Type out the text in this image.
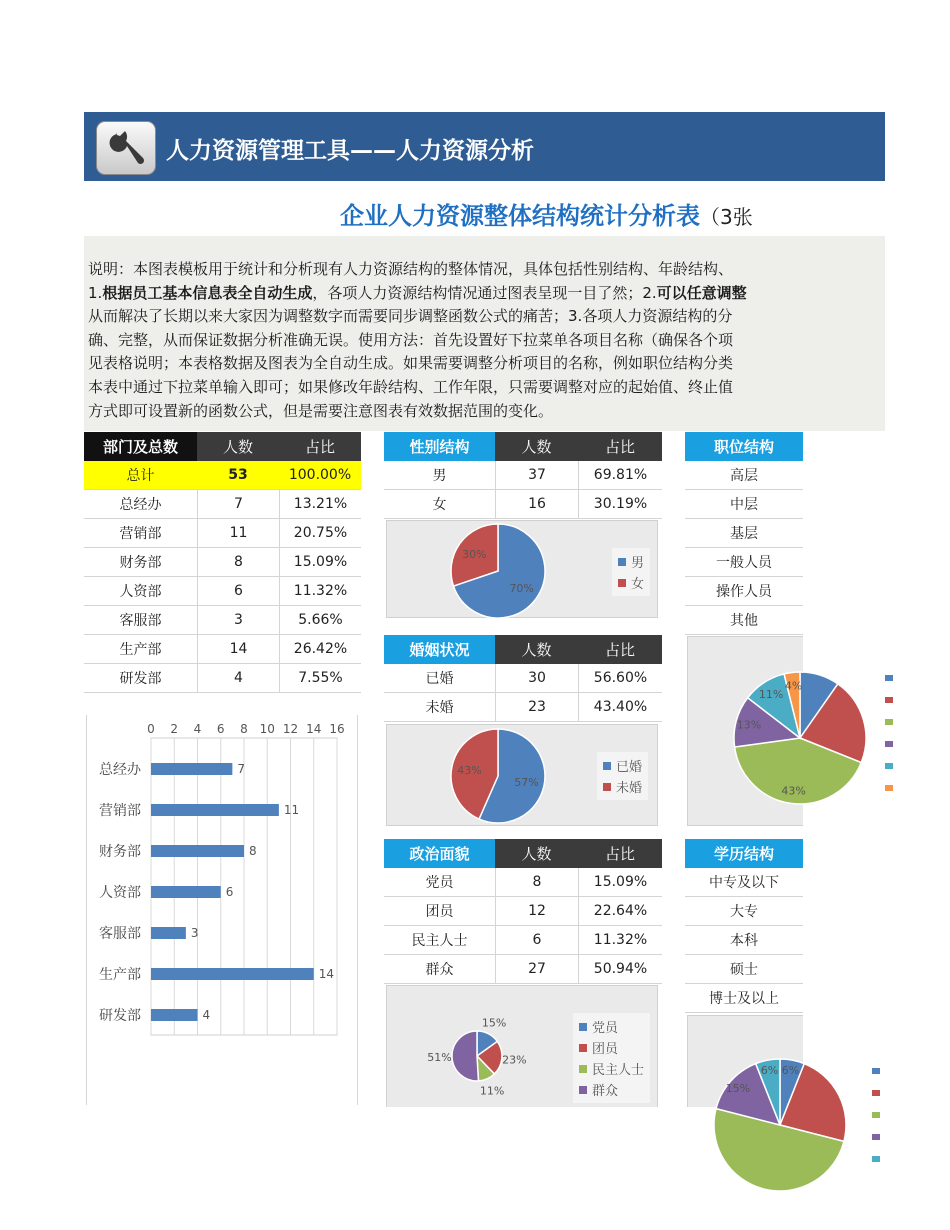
人力资源管理工具——人力资源分析
企业人力资源整体结构统计分析表（3张

说明：本图表模板用于统计和分析现有人力资源结构的整体情况，具体包括性别结构、年龄结构、

1.根据员工基本信息表全自动生成，各项人力资源结构情况通过图表呈现一目了然；2.可以任意调整

从而解决了长期以来大家因为调整数字而需要同步调整函数公式的痛苦；3.各项人力资源结构的分

确、完整，从而保证数据分析准确无误。使用方法：首先设置好下拉菜单各项目名称（确保各个项

见表格说明；本表格数据及图表为全自动生成。如果需要调整分析项目的名称，例如职位结构分类

本表中通过下拉菜单输入即可；如果修改年龄结构、工作年限，只需要调整对应的起始值、终止值

方式即可设置新的函数公式，但是需要注意图表有效数据范围的变化。

部门及总数	人数	占比
总计	53	100.00%
总经办	7	13.21%
营销部	11	20.75%
财务部	8	15.09%
人资部	6	11.32%
客服部	3	5.66%
生产部	14	26.42%
研发部	4	7.55%
0 2 4 6 8 10 12 14 16
总经办	7
营销部	11
财务部	8
人资部	6
客服部	3
生产部	14
研发部	4
性别结构	人数	占比
男	37	69.81%
女	16	30.19%
70%
30%
男
女
婚姻状况	人数	占比
已婚	30	56.60%
未婚	23	43.40%
57%
43%	已婚
未婚
政治面貌	人数	占比
党员	8	15.09%
团员	12	22.64%
民主人士	6	11.32%
群众	27	50.94%
15%
23%
11%
51%
党员
团员
民主人士
群众
职位结构
高层
中层
基层
一般人员
操作人员
其他
43%
13%
11%
4%
学历结构
中专及以下
大专
本科
硕士
博士及以上
6%
15%
6%
